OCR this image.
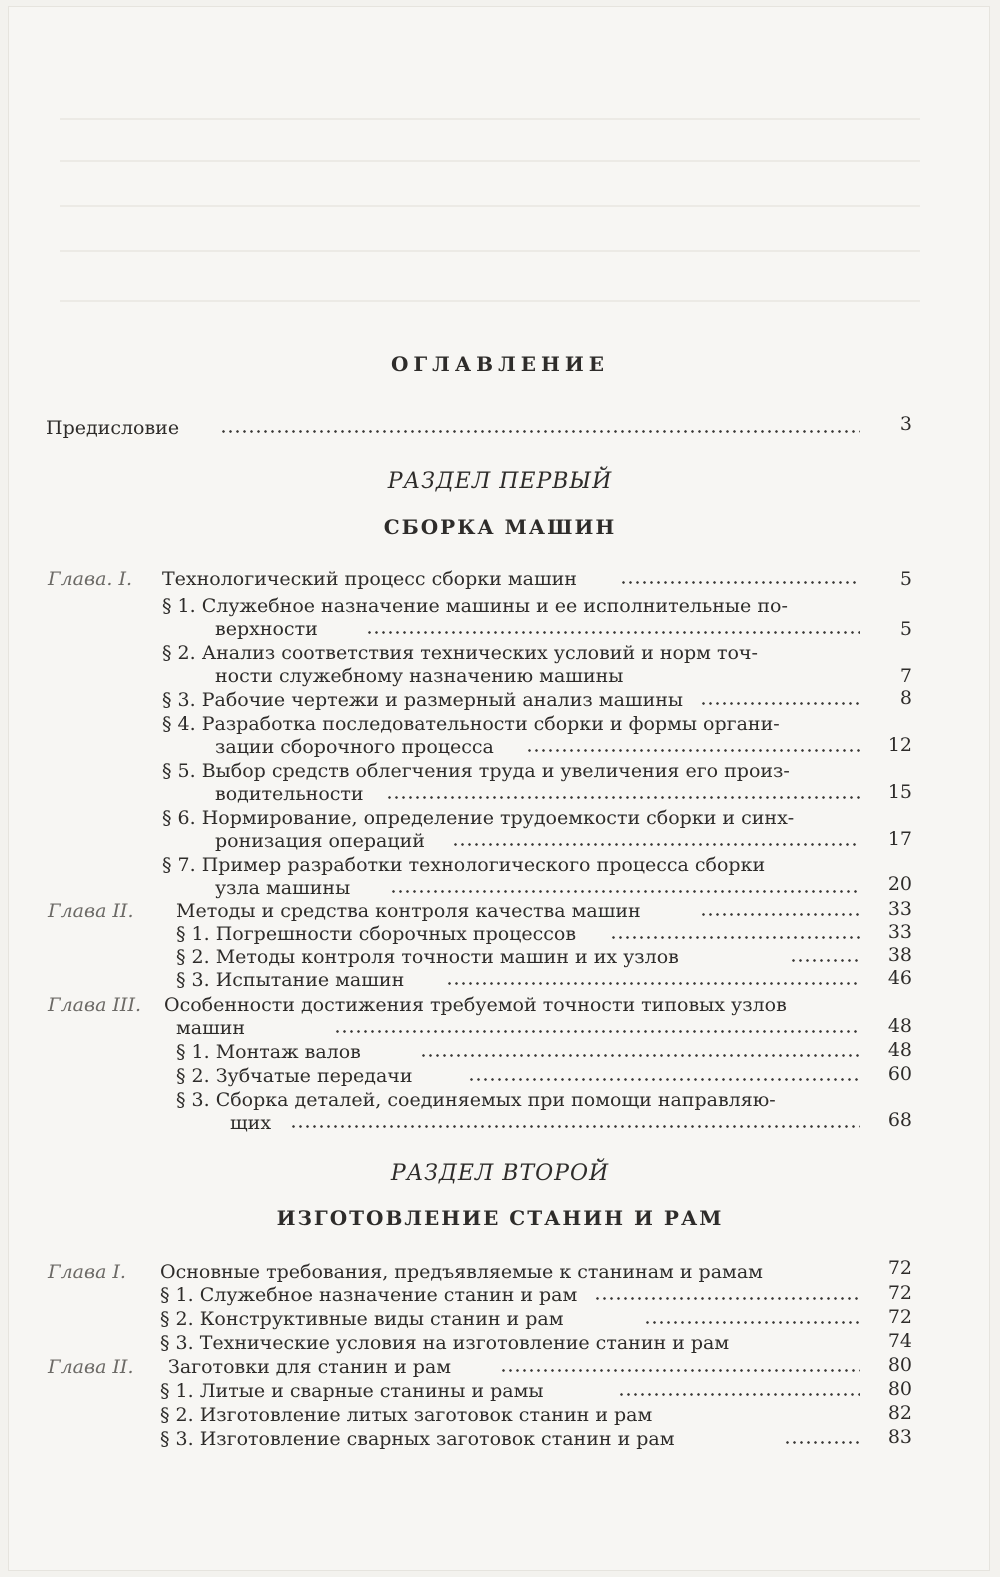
ОГЛАВЛЕНИЕ
Предисловие	3
РАЗДЕЛ ПЕРВЫЙ
СБОРКА МАШИН
Глава. I. Технологический процесс сборки машин	5
§ 1. Служебное назначение машины и ее исполнительные по-
верхности	5
§ 2. Анализ соответствия технических условий и норм точ-
ности служебному назначению машины	7
§ 3. Рабочие чертежи и размерный анализ машины	8
§ 4. Разработка последовательности сборки и формы органи-
зации сборочного процесса	12
§ 5. Выбор средств облегчения труда и увеличения его произ-
водительности	15
§ 6. Нормирование, определение трудоемкости сборки и синх-
ронизация операций	17
§ 7. Пример разработки технологического процесса сборки
узла машины	20
Глава II. Методы и средства контроля качества машин	33
§ 1. Погрешности сборочных процессов	33
§ 2. Методы контроля точности машин и их узлов	38
§ 3. Испытание машин	46
Глава III. Особенности достижения требуемой точности типовых узлов
машин	48
§ 1. Монтаж валов	48
§ 2. Зубчатые передачи	60
§ 3. Сборка деталей, соединяемых при помощи направляю-
щих	68
РАЗДЕЛ ВТОРОЙ
ИЗГОТОВЛЕНИЕ СТАНИН И РАМ
Глава I. Основные требования, предъявляемые к станинам и рамам	72
§ 1. Служебное назначение станин и рам	72
§ 2. Конструктивные виды станин и рам	72
§ 3. Технические условия на изготовление станин и рам	74
Глава II. Заготовки для станин и рам	80
§ 1. Литые и сварные станины и рамы	80
§ 2. Изготовление литых заготовок станин и рам	82
§ 3. Изготовление сварных заготовок станин и рам	83
